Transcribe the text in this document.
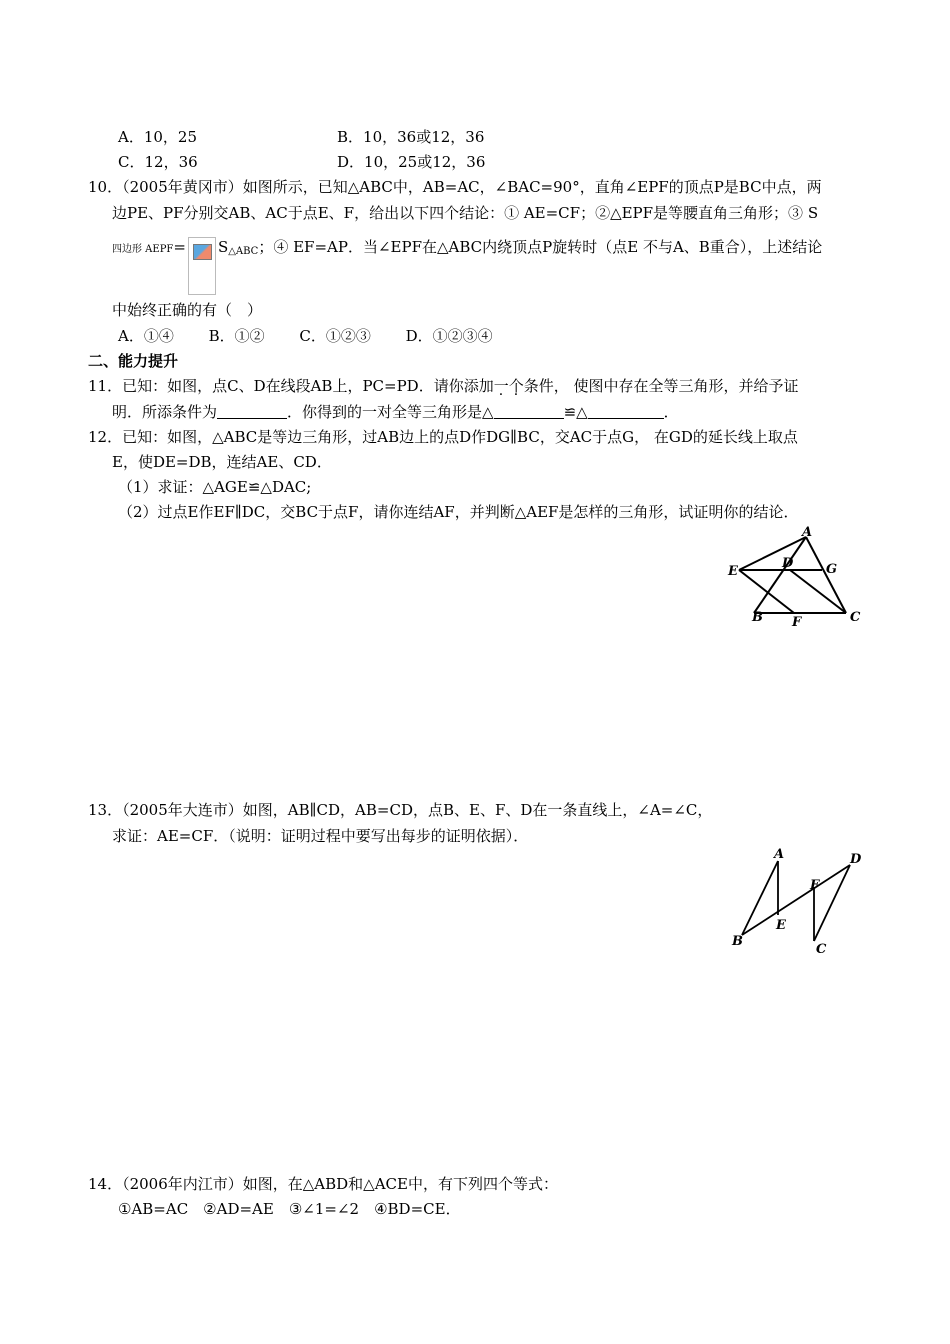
A．10，25	B．10，36或12，36
C．12，36	D．10，25或12，36
10．（2005年黄冈市）如图所示，已知△ABC中，AB=AC，∠BAC=90°，直角∠EPF的顶点P是BC中点，两
边PE、PF分别交AB、AC于点E、F，给出以下四个结论：① AE=CF；②△EPF是等腰直角三角形；③ S
四边形 AEPF= $S_{\triangle ABC}$；④ EF=AP．当∠EPF在△ABC内绕顶点P旋转时（点E 不与A、B重合），上述结论
中始终正确的有（　）
A．①④　　 B．①②　　 C．①②③　　 D．①②③④
二、能力提升
11．已知：如图，点C、D在线段AB上，PC=PD．请你添加一个条件， 使图中存在全等三角形，并给予证
明．所添条件为	．你得到的一对全等三角形是△	≌△	．
12．已知：如图，△ABC是等边三角形，过AB边上的点D作DG∥BC，交AC于点G， 在GD的延长线上取点
E，使DE=DB，连结AE、CD．
（1）求证：△AGE≌△DAC;
（2）过点E作EF∥DC，交BC于点F，请你连结AF，并判断△AEF是怎样的三角形，试证明你的结论．
A
D	G
E
B F	C
13．（2005年大连市）如图，AB∥CD，AB=CD，点B、E、F、D在一条直线上，∠A=∠C，
求证：AE=CF．（说明：证明过程中要写出每步的证明依据）．
A	D
F
E
B
C
14．（2006年内江市）如图，在△ABD和△ACE中，有下列四个等式：
①AB=AC　②AD=AE　③∠1=∠2　④BD=CE．
